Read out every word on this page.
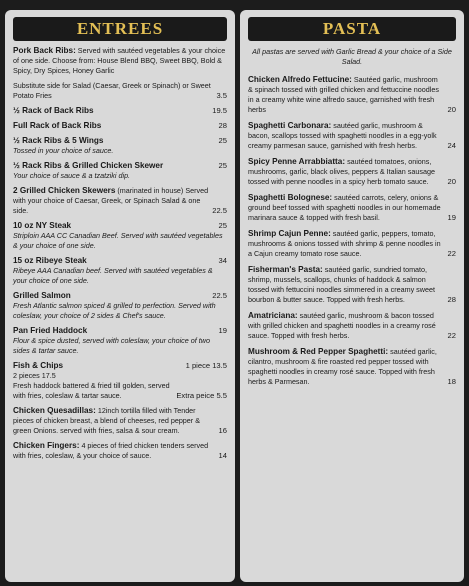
ENTREES
Pork Back Ribs: Served with sautéed vegetables & your choice of one side. Choose from: House Blend BBQ, Sweet BBQ, Bold & Spicy, Dry Spices, Honey Garlic
Substitute side for Salad (Caesar, Greek or Spinach) or Sweet Potato Fries	3.5
½ Rack of Back Ribs	19.5
Full Rack of Back Ribs	28
½ Rack Ribs & 5 Wings	25
Tossed in your choice of sauce.
½ Rack Ribs & Grilled Chicken Skewer	25
Your choice of sauce & a tzatziki dip.
2 Grilled Chicken Skewers (marinated in house) Served with your choice of Caesar, Greek, or Spinach Salad & one side.	22.5
10 oz NY Steak	25
Striploin AAA CC Canadian Beef. Served with sautéed vegetables & your choice of one side.
15 oz Ribeye Steak	34
Ribeye AAA Canadian beef. Served with sautéed vegetables & your choice of one side.
Grilled Salmon	22.5
Fresh Atlantic salmon spiced & grilled to perfection. Served with coleslaw, your choice of 2 sides & Chef's sauce.
Pan Fried Haddock	19
Flour & spice dusted, served with coleslaw, your choice of two sides & tartar sauce.
Fish & Chips	1 piece 13.5
2 pieces 17.5
Fresh haddock battered & fried till golden, served with fries, coleslaw & tartar sauce.	Extra peice 5.5
Chicken Quesadillas: 12inch tortilla filled with Tender pieces of chicken breast, a blend of cheeses, red pepper & green Onions. served with fries, salsa & sour cream.	16
Chicken Fingers: 4 pieces of fried chicken tenders served with fries, coleslaw, & your choice of sauce.	14
PASTA
All pastas are served with Garlic Bread & your choice of a Side Salad.
Chicken Alfredo Fettucine: Sautéed garlic, mushroom & spinach tossed with grilled chicken and fettuccine noodles in a creamy white wine alfredo sauce, garnished with fresh herbs	20
Spaghetti Carbonara: sautéed garlic, mushroom & bacon, scallops tossed with spaghetti noodles in a egg-yolk creamy parmesan sauce, garnished with fresh herbs.	24
Spicy Penne Arrabbiatta: sautéed tomatoes, onions, mushrooms, garlic, black olives, peppers & Italian sausage tossed with penne noodles in a spicy herb tomato sauce.	20
Spaghetti Bolognese: sautéed carrots, celery, onions & ground beef tossed with spaghetti noodles in our homemade marinara sauce & topped with fresh basil.	19
Shrimp Cajun Penne: sautéed garlic, peppers, tomato, mushrooms & onions tossed with shrimp & penne noodles in a Cajun creamy tomato rose sauce.	22
Fisherman's Pasta: sautéed garlic, sundried tomato, shrimp, mussels, scallops, chunks of haddock & salmon tossed with fettuccini noodles simmered in a creamy sweet bourbon & butter sauce. Topped with fresh herbs.	28
Amatriciana: sautéed garlic, mushroom & bacon tossed with grilled chicken and spaghetti noodles in a creamy rosé sauce. Topped with fresh herbs.	22
Mushroom & Red Pepper Spaghetti: sautéed garlic, cilantro, mushroom & fire roasted red pepper tossed with spaghetti noodles in creamy rosé sauce. Topped with fresh herbs & Parmesan.	18
